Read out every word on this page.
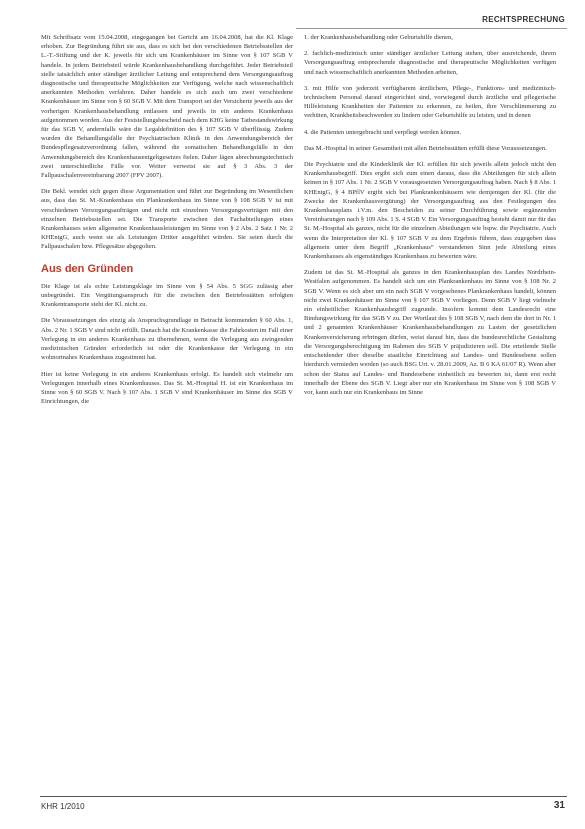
RECHTSPRECHUNG

Mit Schriftsatz vom 15.04.2008, eingegangen bei Gericht am 16.04.2008, hat die Kl. Klage erhoben. Zur Begründung führt sie aus, dass es sich bei den verschiedenen Betriebsstellen der L.-T.-Stiftung und der K. jeweils für sich um Krankenhäuser im Sinne von § 107 SGB V handele. In jedem Betriebsteil würde Krankenhausbehandlung durchgeführt. Jeder Betriebsteil stelle tatsächlich unter ständiger ärztlicher Leitung und entsprechend dem Versorgungsauftrag diagnostische und therapeutische Möglichkeiten zur Verfügung, welche nach wissenschaftlich anerkannten Methoden verfahren. Daher handele es sich auch um zwei verschiedene Krankenhäuser im Sinne von § 60 SGB V. Mit dem Transport sei der Versicherte jeweils aus der vorherigen Krankenhausbehandlung entlassen und jeweils in ein anderes Krankenhaus aufgenommen worden. Aus der Feststellungsbescheid nach dem KHG keine Tatbestandswirkung für das SGB V, andernfalls wäre die Legaldefinition des § 107 SGB V überflüssig. Zudem wurden die Behandlungsfälle der Psychiatrischen Klinik in den Anwendungsbereich der Bundespflegesatzverordnung fallen, während die somatischen Behandlungsfälle in den Anwendungsbereich des Krankenhausentgeltgesetzes fielen. Daher lägen abrechnungstechnisch zwei unterschiedliche Fälle vor. Weiter verweist sie auf § 3 Abs. 3 der Fallpauschalenvereinbarung 2007 (FPV 2007).

Die Bekl. wendet sich gegen diese Argumentation und führt zur Begründung im Wesentlichen aus, dass das St. M.-Krankenhaus ein Plankrankenhaus im Sinne von § 108 SGB V ist mit verschiedenen Versorgungsaufträgen und nicht mit einzelnen Versorgungsverträgen mit den einzelnen Betriebsstellen sei. Die Transporte zwischen den Fachabteilungen eines Krankenhauses seien allgemeine Krankenhausleistungen im Sinne von § 2 Abs. 2 Satz 1 Nr. 2 KHEntgG, auch wenn sie als Leistungen Dritter ausgeführt würden. Sie seien durch die Fallpauschalen bzw. Pflegesätze abgegolten.

Aus den Gründen

Die Klage ist als echte Leistungsklage im Sinne von § 54 Abs. 5 SGG zulässig aber unbegründet. Ein Vergütungsanspruch für die zwischen den Betriebsstätten erfolgten Krankentransporte steht der Kl. nicht zu.

Die Voraussetzungen des einzig als Anspruchsgrundlage in Betracht kommenden § 60 Abs. 1, Abs. 2 Nr. 1 SGB V sind nicht erfüllt. Danach hat die Krankenkasse die Fahrkosten im Fall einer Verlegung in ein anderes Krankenhaus zu übernehmen, wenn die Verlegung aus zwingenden medizinischen Gründen erforderlich ist oder die Krankenkasse der Verlegung in ein wohnortnahes Krankenhaus zugestimmt hat.

Hier ist keine Verlegung in ein anderes Krankenhaus erfolgt. Es handelt sich vielmehr um Verlegungen innerhalb eines Krankenhauses. Das St. M.-Hospital H. ist ein Krankenhaus im Sinne von § 60 SGB V. Nach § 107 Abs. 1 SGB V sind Krankenhäuser im Sinne des SGB V Einrichtungen, die

1. der Krankenhausbehandlung oder Geburtshilfe dienen,

2. fachlich-medizinisch unter ständiger ärztlicher Leitung stehen, über ausreichende, ihrem Versorgungsauftrag entsprechende diagnostische und therapeutische Möglichkeiten verfügen und nach wissenschaftlich anerkannten Methoden arbeiten,

3. mit Hilfe von jederzeit verfügbarem ärztlichem, Pflege-, Funktions- und medizinisch-technischem Personal darauf eingerichtet sind, vorwiegend durch ärztliche und pflegerische Hilfeleistung Krankheiten der Patienten zu erkennen, zu heilen, ihre Verschlimmerung zu verhüten, Krankheitsbeschwerden zu lindern oder Geburtshilfe zu leisten, und in denen

4. die Patienten untergebracht und verpflegt werden können.

Das M.-Hospital in seiner Gesamtheit mit allen Betriebsstätten erfüllt diese Voraussetzungen.

Die Psychiatrie und die Kinderklinik der Kl. erfüllen für sich jeweils allein jedoch nicht den Krankenhausbegriff. Dies ergibt sich zum einen daraus, dass die Abteilungen für sich allein keinen in § 107 Abs. 1 Nr. 2 SGB V vorausgesetzten Versorgungsauftrag haben. Nach § 8 Abs. 1 KHEntgG, § 4 BPflV ergibt sich bei Plankrankenhäusern wie demjenigen der Kl. (für die Zwecke der Krankenhausvergütung) der Versorgungsauftrag aus den Festlegungen des Krankenhausplans i.V.m. den Bescheiden zu seiner Durchführung sowie ergänzenden Vereinbarungen nach § 109 Abs. 1 S. 4 SGB V. Ein Versorgungsauftrag besteht damit nur für das St. M.-Hospital als ganzes, nicht für die einzelnen Abteilungen wie bspw. die Psychiatrie. Auch wenn die Interpretation der Kl. § 107 SGB V zu dem Ergebnis führen, dass zugegeben dass allgemein unter dem Begriff „Krankenhaus“ verstandenen Sinn jede Abteilung eines Krankenhauses als eigenständiges Krankenhaus zu bewerten wäre.

Zudem ist das St. M.-Hospital als ganzes in den Krankenhausplan des Landes Nordrhein-Westfalen aufgenommen. Es handelt sich um ein Plankrankenhaus im Sinne von § 108 Nr. 2 SGB V. Wenn es sich aber um ein nach SGB V vorgesehenes Plankrankenhaus handelt, können nicht zwei Krankenhäuser im Sinne von § 107 SGB V vorliegen. Denn SGB V liegt vielmehr ein einheitlicher Krankenhausbegriff zugrunde. Insofern kommt dem Landesrecht eine Bindungswirkung für das SGB V zu. Der Wortlaut des § 108 SGB V, nach dem die dort in Nr. 1 und 2 genannten Krankenhäuser Krankenhausbehandlungen zu Lasten der gesetzlichen Krankenversicherung erbringen dürfen, weist darauf hin, dass die bundesrechtliche Gestaltung die Versorgungsberechtigung im Rahmen des SGB V präjudizieren soll. Die erteilende Stelle entscheidender über dieselbe staatliche Einrichtung auf Landes- und Bundesebene sollen hierdurch vermieden werden (so auch BSG Urt. v. 28.01.2009, Az. B 6 KA 61/07 R). Wenn aber schon der Status auf Landes- und Bundesebene einheitlich zu bewerten ist, dann erst recht innerhalb der Ebene des SGB V. Liegt aber nur ein Krankenhaus im Sinne von § 108 SGB V vor, kann auch nur ein Krankenhaus im Sinne

KHR 1/2010	31
